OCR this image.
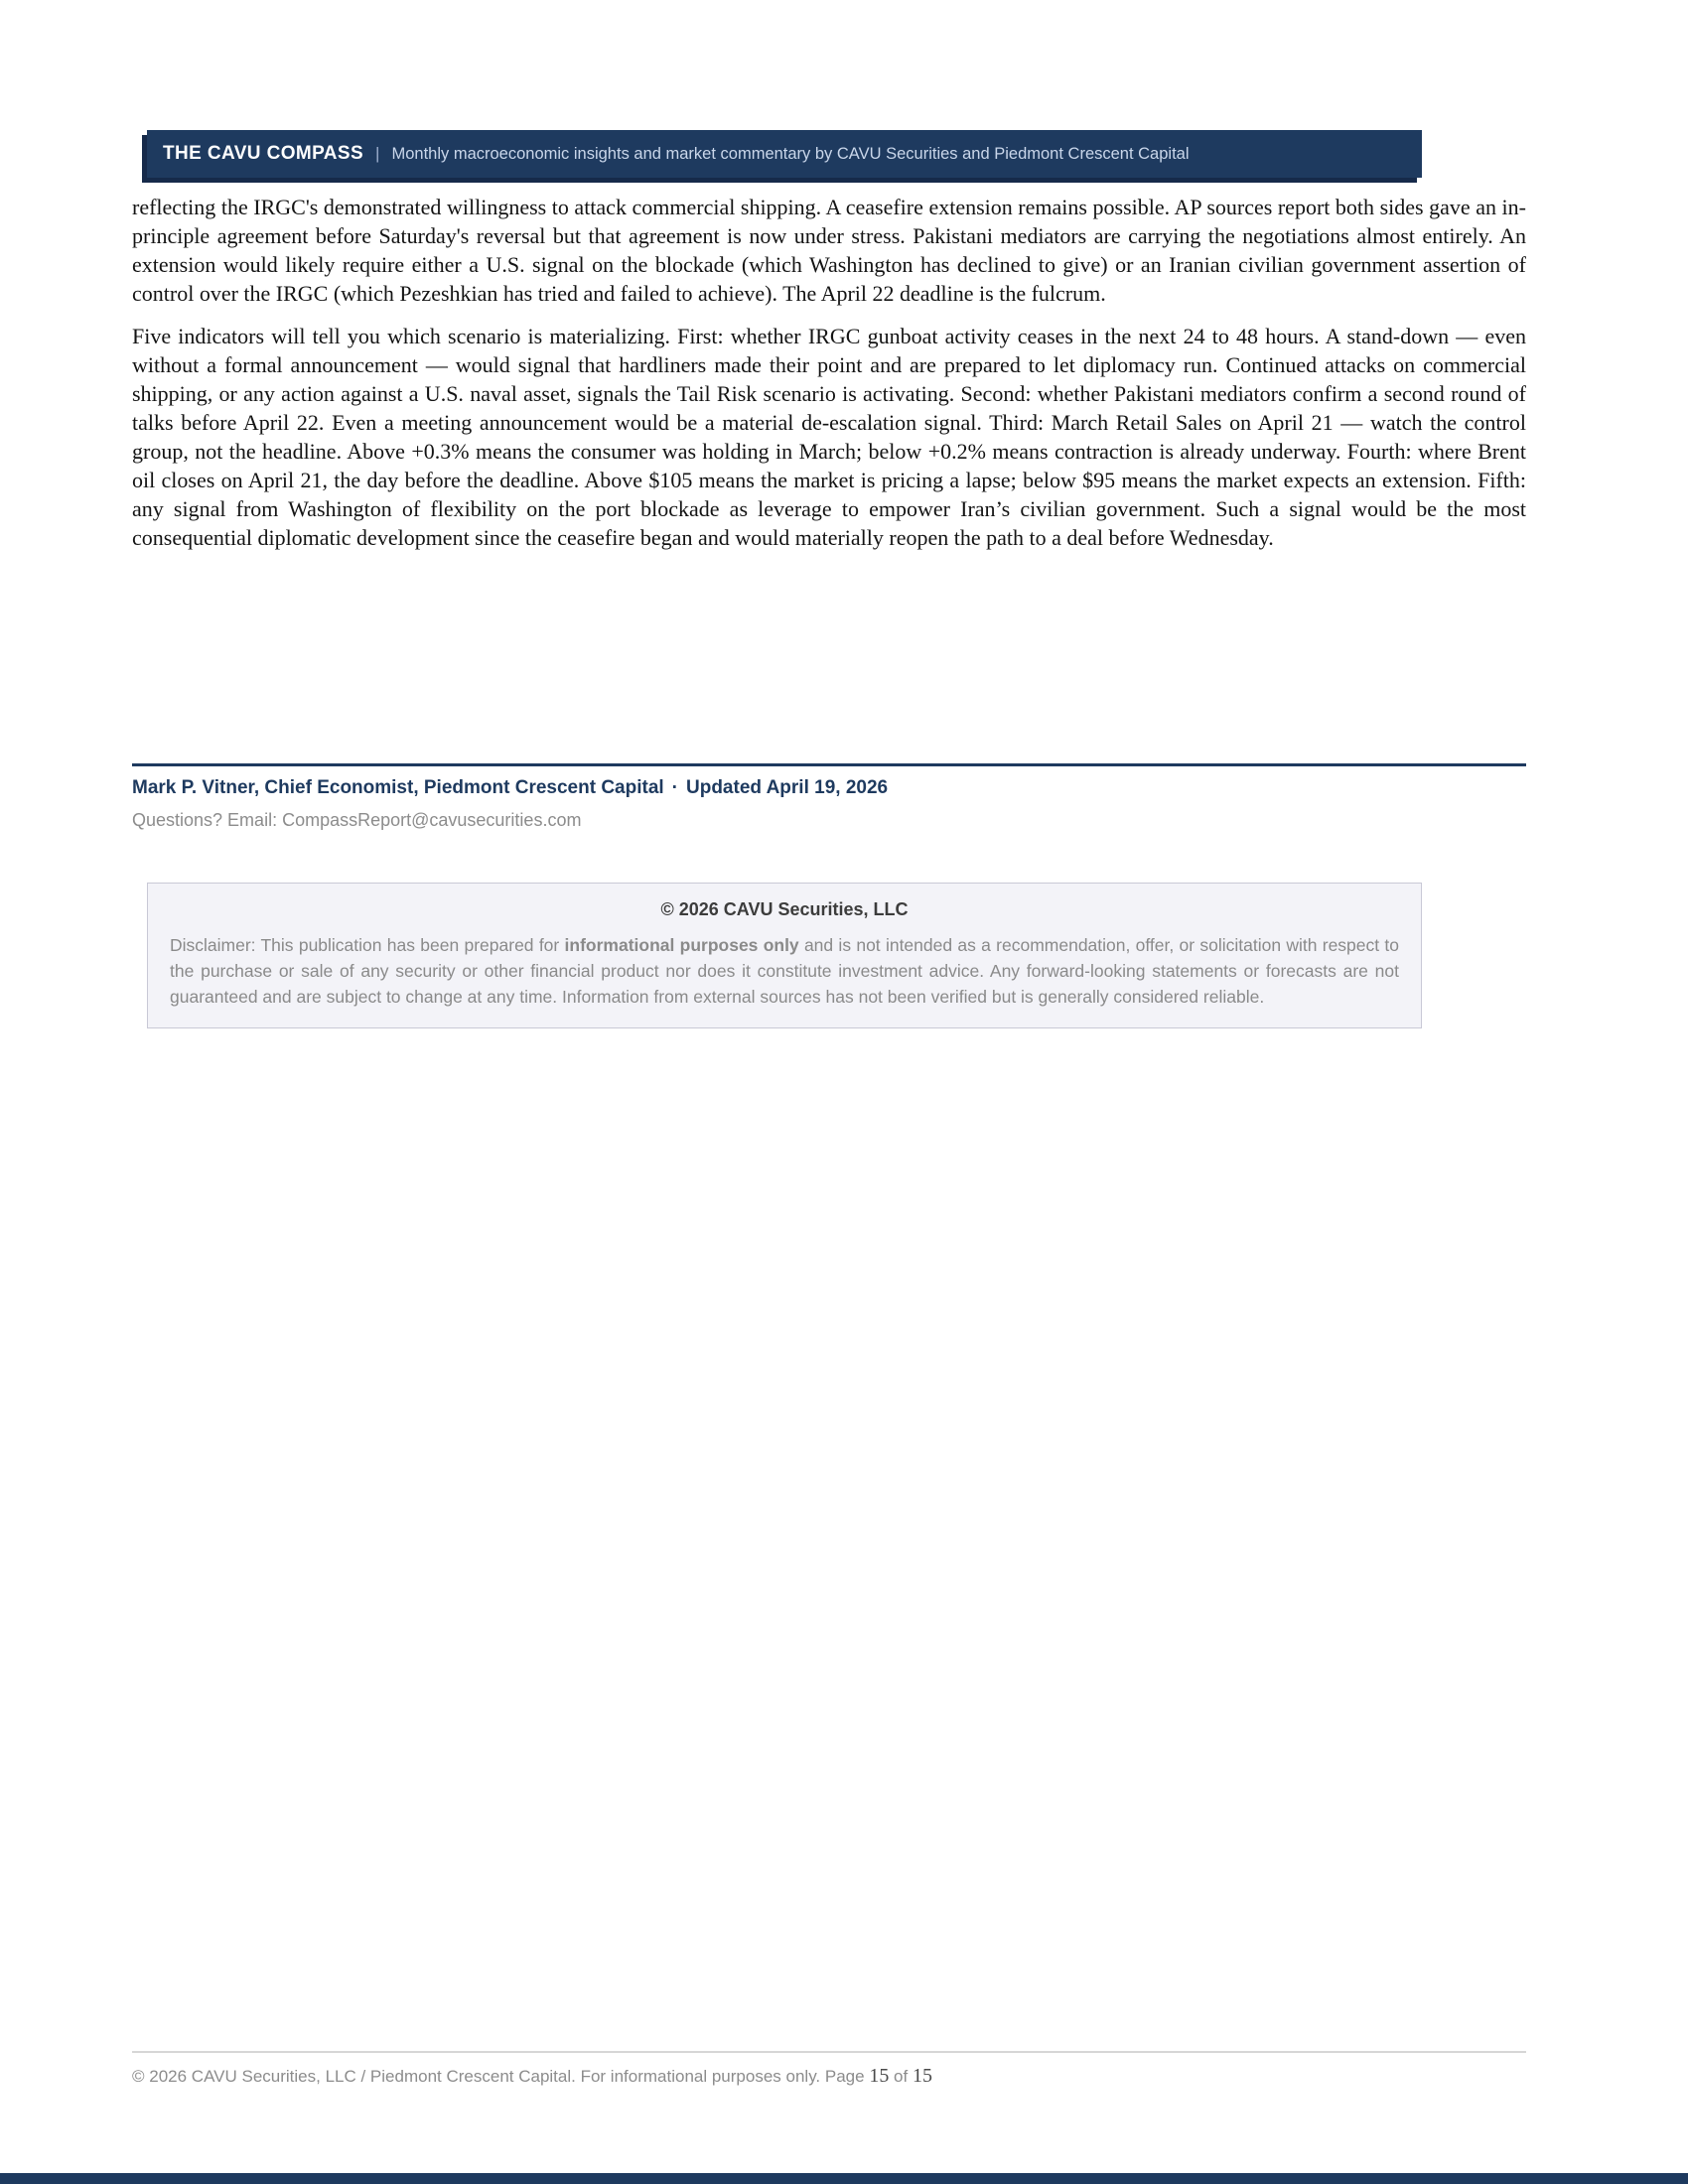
THE CAVU COMPASS | Monthly macroeconomic insights and market commentary by CAVU Securities and Piedmont Crescent Capital

reflecting the IRGC's demonstrated willingness to attack commercial shipping. A ceasefire extension remains possible. AP sources report both sides gave an in-principle agreement before Saturday's reversal but that agreement is now under stress. Pakistani mediators are carrying the negotiations almost entirely. An extension would likely require either a U.S. signal on the blockade (which Washington has declined to give) or an Iranian civilian government assertion of control over the IRGC (which Pezeshkian has tried and failed to achieve). The April 22 deadline is the fulcrum.

Five indicators will tell you which scenario is materializing. First: whether IRGC gunboat activity ceases in the next 24 to 48 hours. A stand-down — even without a formal announcement — would signal that hardliners made their point and are prepared to let diplomacy run. Continued attacks on commercial shipping, or any action against a U.S. naval asset, signals the Tail Risk scenario is activating. Second: whether Pakistani mediators confirm a second round of talks before April 22. Even a meeting announcement would be a material de-escalation signal. Third: March Retail Sales on April 21 — watch the control group, not the headline. Above +0.3% means the consumer was holding in March; below +0.2% means contraction is already underway. Fourth: where Brent oil closes on April 21, the day before the deadline. Above $105 means the market is pricing a lapse; below $95 means the market expects an extension. Fifth: any signal from Washington of flexibility on the port blockade as leverage to empower Iran’s civilian government. Such a signal would be the most consequential diplomatic development since the ceasefire began and would materially reopen the path to a deal before Wednesday.

Mark P. Vitner, Chief Economist, Piedmont Crescent Capital · Updated April 19, 2026
Questions? Email: CompassReport@cavusecurities.com
© 2026 CAVU Securities, LLC
Disclaimer: This publication has been prepared for informational purposes only and is not intended as a recommendation, offer, or solicitation with respect to the purchase or sale of any security or other financial product nor does it constitute investment advice. Any forward-looking statements or forecasts are not guaranteed and are subject to change at any time. Information from external sources has not been verified but is generally considered reliable.
© 2026 CAVU Securities, LLC / Piedmont Crescent Capital. For informational purposes only. Page 15 of 15
